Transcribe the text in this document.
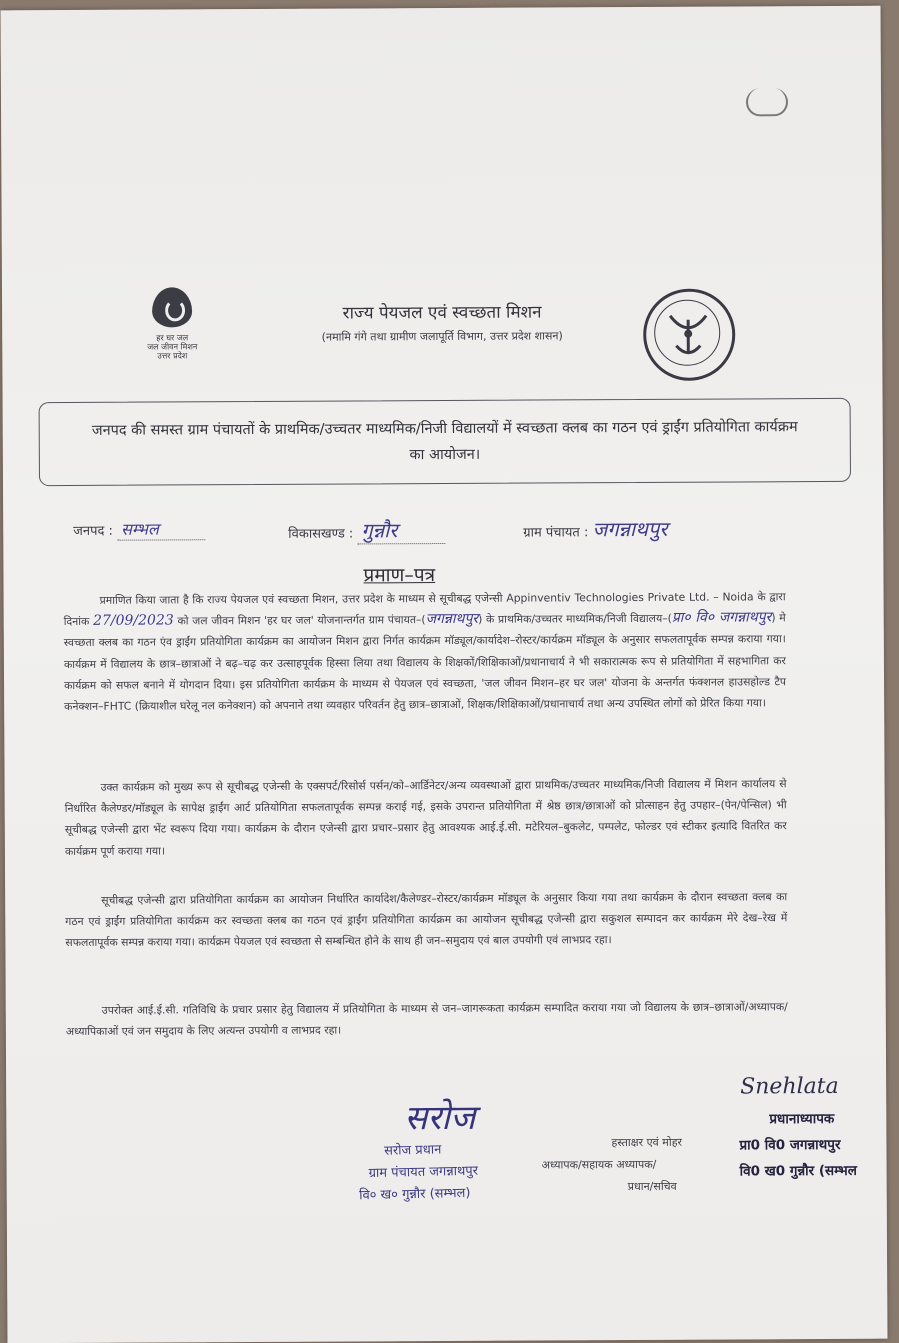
हर घर जल
जल जीवन मिशन
उत्तर प्रदेश
राज्य पेयजल एवं स्वच्छता मिशन
(नमामि गंगे तथा ग्रामीण जलापूर्ति विभाग, उत्तर प्रदेश शासन)
जनपद की समस्त ग्राम पंचायतों के प्राथमिक/उच्चतर माध्यमिक/निजी विद्यालयों में स्वच्छता क्लब का गठन एवं ड्राईंग प्रतियोगिता कार्यक्रम का आयोजन।
जनपद : सम्भल	विकासखण्ड : गुन्नौर	ग्राम पंचायत : जगन्नाथपुर
प्रमाण–पत्र
प्रमाणित किया जाता है कि राज्य पेयजल एवं स्वच्छता मिशन, उत्तर प्रदेश के माध्यम से सूचीबद्ध एजेन्सी Appinventiv Technologies Private Ltd. – Noida के द्वारा दिनांक 27/09/2023 को जल जीवन मिशन 'हर घर जल' योजनान्तर्गत ग्राम पंचायत–(जगन्नाथपुर) के प्राथमिक/उच्चतर माध्यमिक/निजी विद्यालय–(प्रा० वि० जगन्नाथपुर) मे स्वच्छता क्लब का गठन एंव ड्राईंग प्रतियोगिता कार्यक्रम का आयोजन मिशन द्वारा निर्गत कार्यक्रम मॉड्यूल/कार्यादेश–रोस्टर/कार्यक्रम मॉड्यूल के अनुसार सफलतापूर्वक सम्पन्न कराया गया। कार्यक्रम में विद्यालय के छात्र–छात्राओं ने बढ़–चढ़ कर उत्साहपूर्वक हिस्सा लिया तथा विद्यालय के शिक्षकों/शिक्षिकाओं/प्रधानाचार्य ने भी सकारात्मक रूप से प्रतियोगिता में सहभागिता कर कार्यक्रम को सफल बनाने में योगदान दिया। इस प्रतियोगिता कार्यक्रम के माध्यम से पेयजल एवं स्वच्छता, 'जल जीवन मिशन–हर घर जल' योजना के अन्तर्गत फंक्शनल हाउसहोल्ड टैप कनेक्शन–FHTC (क्रियाशील घरेलू नल कनेक्शन) को अपनाने तथा व्यवहार परिवर्तन हेतु छात्र–छात्राओं, शिक्षक/शिक्षिकाओं/प्रधानाचार्य तथा अन्य उपस्थित लोगों को प्रेरित किया गया।
उक्त कार्यक्रम को मुख्य रूप से सूचीबद्ध एजेन्सी के एक्सपर्ट/रिसोर्स पर्सन/को–आर्डिनेटर/अन्य व्यवस्थाओं द्वारा प्राथमिक/उच्चतर माध्यमिक/निजी विद्यालय में मिशन कार्यालय से निर्धारित कैलेण्डर/मॉड्यूल के सापेक्ष ड्राईंग आर्ट प्रतियोगिता सफलतापूर्वक सम्पन्न कराई गई, इसके उपरान्त प्रतियोगिता में श्रेष्ठ छात्र/छात्राओं को प्रोत्साहन हेतु उपहार–(पेन/पेन्सिल) भी सूचीबद्ध एजेन्सी द्वारा भेंट स्वरूप दिया गया। कार्यक्रम के दौरान एजेन्सी द्वारा प्रचार–प्रसार हेतु आवश्यक आई.ई.सी. मटेरियल–बुकलेट, पम्पलेट, फोल्डर एवं स्टीकर इत्यादि वितरित कर कार्यक्रम पूर्ण कराया गया।
सूचीबद्ध एजेन्सी द्वारा प्रतियोगिता कार्यक्रम का आयोजन निर्धारित कार्यादेश/कैलेण्डर–रोस्टर/कार्यक्रम मॉड्यूल के अनुसार किया गया तथा कार्यक्रम के दौरान स्वच्छता क्लब का गठन एवं ड्राईंग प्रतियोगिता कार्यक्रम कर स्वच्छता क्लब का गठन एवं ड्राईंग प्रतियोगिता कार्यक्रम का आयोजन सूचीबद्ध एजेन्सी द्वारा सकुशल सम्पादन कर कार्यक्रम मेरे देख–रेख में सफलतापूर्वक सम्पन्न कराया गया। कार्यक्रम पेयजल एवं स्वच्छता से सम्बन्धित होने के साथ ही जन–समुदाय एवं बाल उपयोगी एवं लाभप्रद रहा।
उपरोक्त आई.ई.सी. गतिविधि के प्रचार प्रसार हेतु विद्यालय में प्रतियोगिता के माध्यम से जन–जागरूकता कार्यक्रम सम्पादित कराया गया जो विद्यालय के छात्र–छात्राओं/अध्यापक/अध्यापिकाओं एवं जन समुदाय के लिए अत्यन्त उपयोगी व लाभप्रद रहा।
सरोज
सरोज प्रधान
ग्राम पंचायत जगन्नाथपुर
वि० ख० गुन्नौर (सम्भल)
हस्ताक्षर एवं मोहर
अध्यापक/सहायक अध्यापक/
प्रधान/सचिव
Snehlata
प्रधानाध्यापक
प्रा0 वि0 जगन्नाथपुर
वि0 ख0 गुन्नौर (सम्भल
